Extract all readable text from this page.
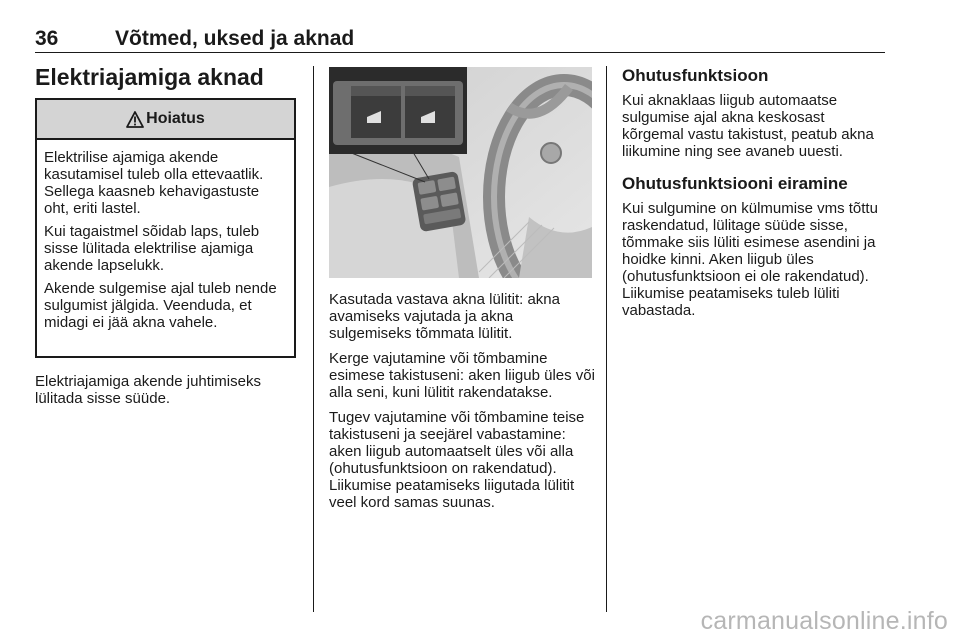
36	Võtmed, uksed ja aknad
Elektriajamiga aknad
Hoiatus

Elektrilise ajamiga akende kasutamisel tuleb olla ettevaatlik. Sellega kaasneb kehavigastuste oht, eriti lastel.

Kui tagaistmel sõidab laps, tuleb sisse lülitada elektrilise ajamiga akende lapselukk.

Akende sulgemise ajal tuleb nende sulgumist jälgida. Veenduda, et midagi ei jää akna vahele.

Elektriajamiga akende juhtimiseks lülitada sisse süüde.

Kasutada vastava akna lülitit: akna avamiseks vajutada ja akna sulgemiseks tõmmata lülitit.

Kerge vajutamine või tõmbamine esimese takistuseni: aken liigub üles või alla seni, kuni lülitit rakendatakse.

Tugev vajutamine või tõmbamine teise takistuseni ja seejärel vabastamine: aken liigub automaatselt üles või alla (ohutusfunktsioon on rakendatud). Liikumise peatamiseks liigutada lülitit veel kord samas suunas.

Ohutusfunktsioon

Kui aknaklaas liigub automaatse sulgumise ajal akna keskosast kõrgemal vastu takistust, peatub akna liikumine ning see avaneb uuesti.

Ohutusfunktsiooni eiramine

Kui sulgumine on külmumise vms tõttu raskendatud, lülitage süüde sisse, tõmmake siis lüliti esimese asendini ja hoidke kinni. Aken liigub üles (ohutusfunktsioon ei ole rakendatud). Liikumise peatamiseks tuleb lüliti vabastada.

carmanualsonline.info
